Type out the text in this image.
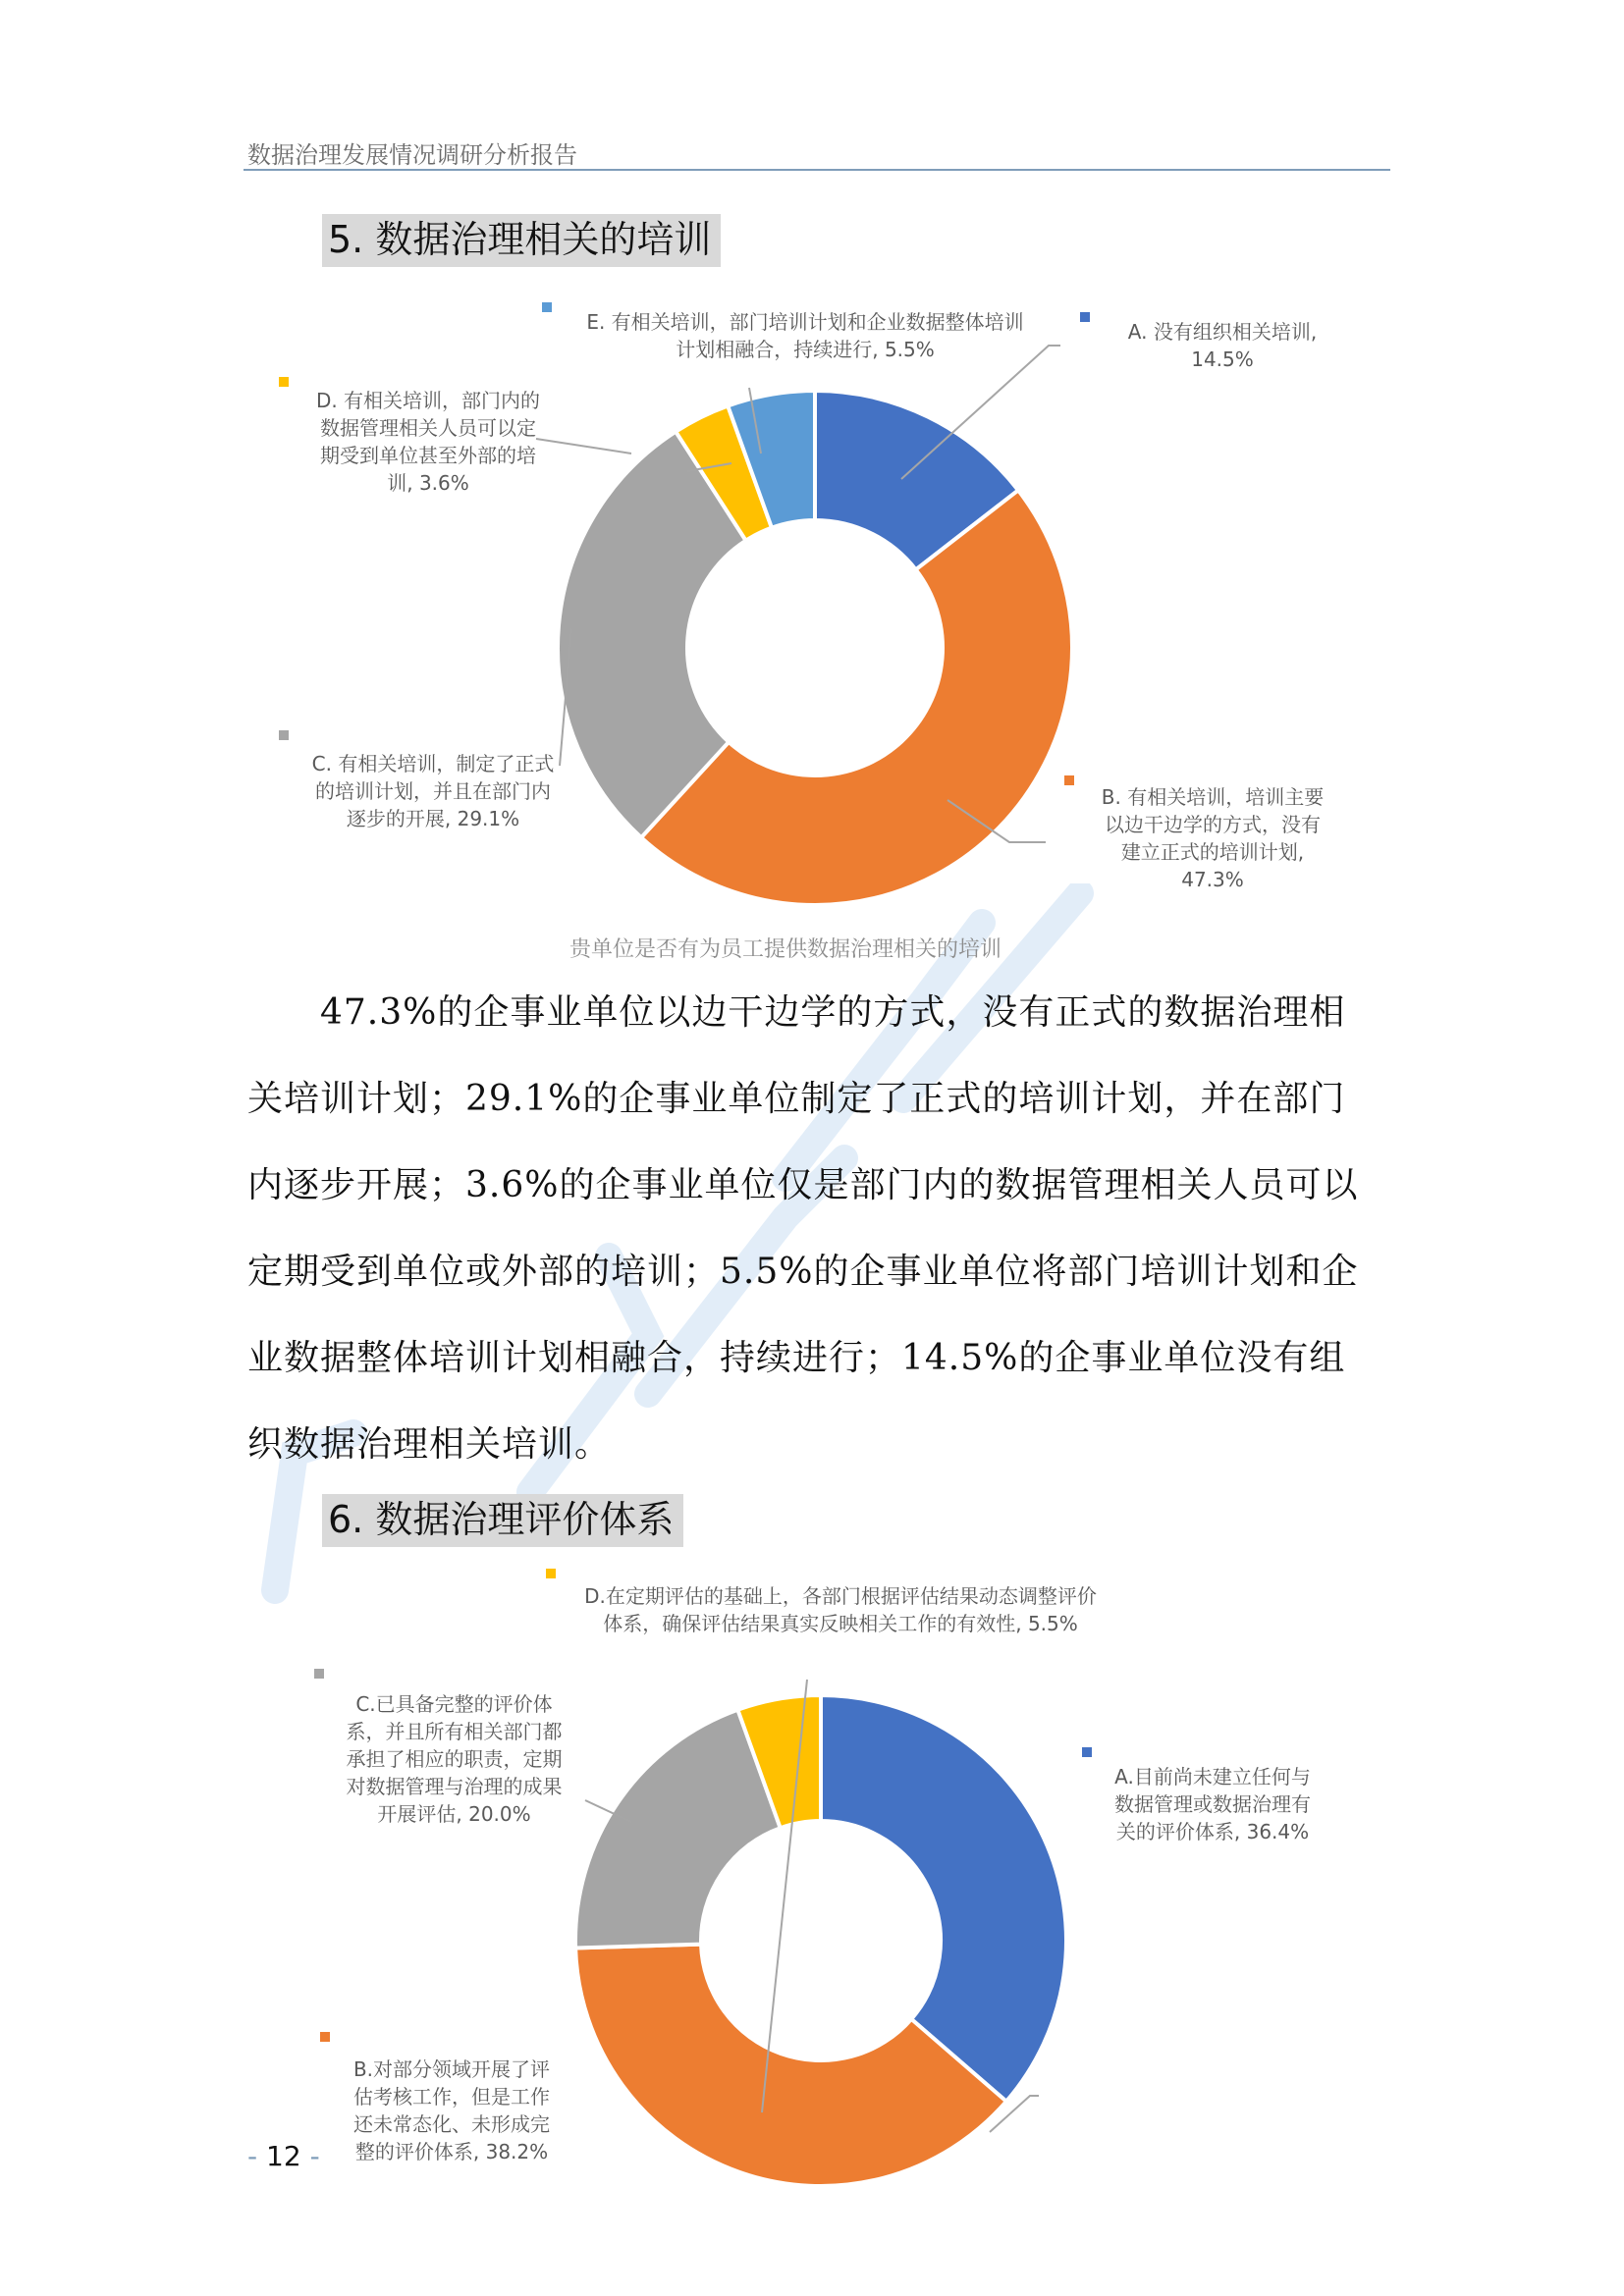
数据治理发展情况调研分析报告
5. 数据治理相关的培训
A. 没有组织相关培训,
14.5%
E. 有相关培训，部门培训计划和企业数据整体培训
计划相融合，持续进行, 5.5%
D. 有相关培训，部门内的
数据管理相关人员可以定
期受到单位甚至外部的培
训, 3.6%
C. 有相关培训，制定了正式
的培训计划，并且在部门内
逐步的开展, 29.1%
B. 有相关培训，培训主要
以边干边学的方式，没有
建立正式的培训计划,
47.3%
贵单位是否有为员工提供数据治理相关的培训

　　47.3%的企事业单位以边干边学的方式，没有正式的数据治理相

关培训计划；29.1%的企事业单位制定了正式的培训计划，并在部门

内逐步开展；3.6%的企事业单位仅是部门内的数据管理相关人员可以

定期受到单位或外部的培训；5.5%的企事业单位将部门培训计划和企

业数据整体培训计划相融合，持续进行；14.5%的企事业单位没有组

织数据治理相关培训。

6. 数据治理评价体系
D.在定期评估的基础上，各部门根据评估结果动态调整评价
体系，确保评估结果真实反映相关工作的有效性, 5.5%
C.已具备完整的评价体
系，并且所有相关部门都
承担了相应的职责，定期
对数据管理与治理的成果
开展评估, 20.0%
A.目前尚未建立任何与
数据管理或数据治理有
关的评价体系, 36.4%
B.对部分领域开展了评
估考核工作，但是工作
还未常态化、未形成完
整的评价体系, 38.2%
- 12 -
